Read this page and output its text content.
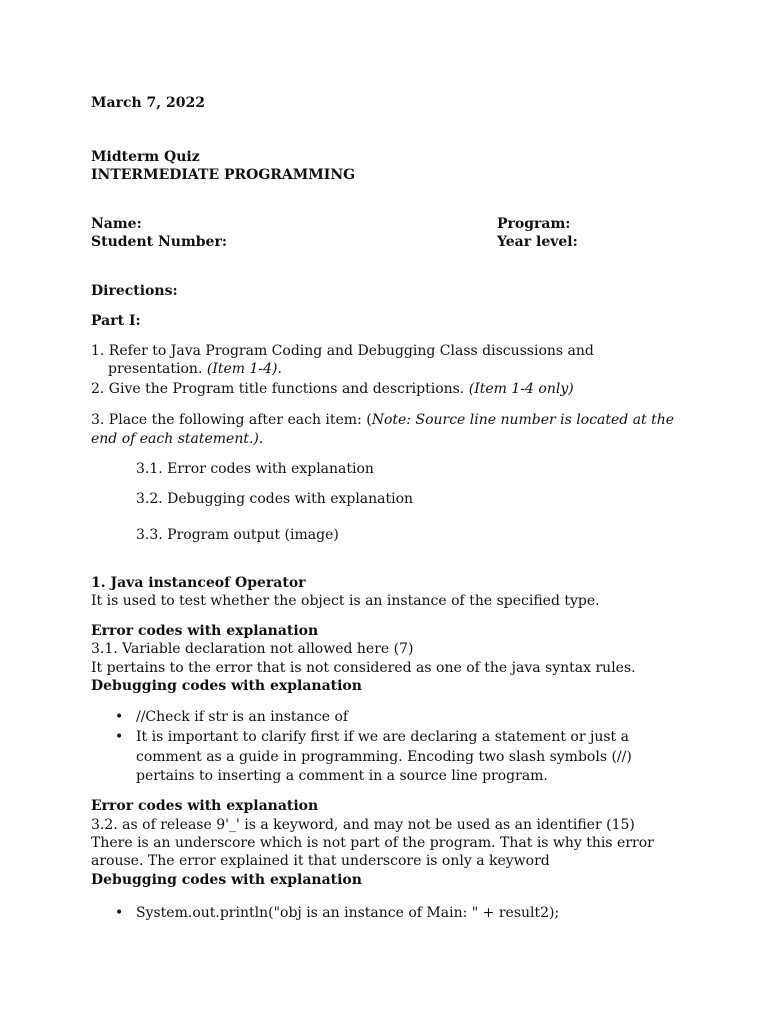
March 7, 2022
Midterm Quiz
INTERMEDIATE PROGRAMMING
Name:	Program:
Student Number:	Year level:
Directions:
Part I:
1. Refer to Java Program Coding and Debugging Class discussions and
presentation. (Item 1-4).
2. Give the Program title functions and descriptions. (Item 1-4 only)
3. Place the following after each item: (Note: Source line number is located at the
end of each statement.).
3.1. Error codes with explanation
3.2. Debugging codes with explanation
3.3. Program output (image)
1. Java instanceof Operator
It is used to test whether the object is an instance of the specified type.
Error codes with explanation
3.1. Variable declaration not allowed here (7)
It pertains to the error that is not considered as one of the java syntax rules.
Debugging codes with explanation
• //Check if str is an instance of
• It is important to clarify first if we are declaring a statement or just a
comment as a guide in programming. Encoding two slash symbols (//)
pertains to inserting a comment in a source line program.
Error codes with explanation
3.2. as of release 9'_' is a keyword, and may not be used as an identifier (15)
There is an underscore which is not part of the program. That is why this error
arouse. The error explained it that underscore is only a keyword
Debugging codes with explanation
• System.out.println("obj is an instance of Main: " + result2);
